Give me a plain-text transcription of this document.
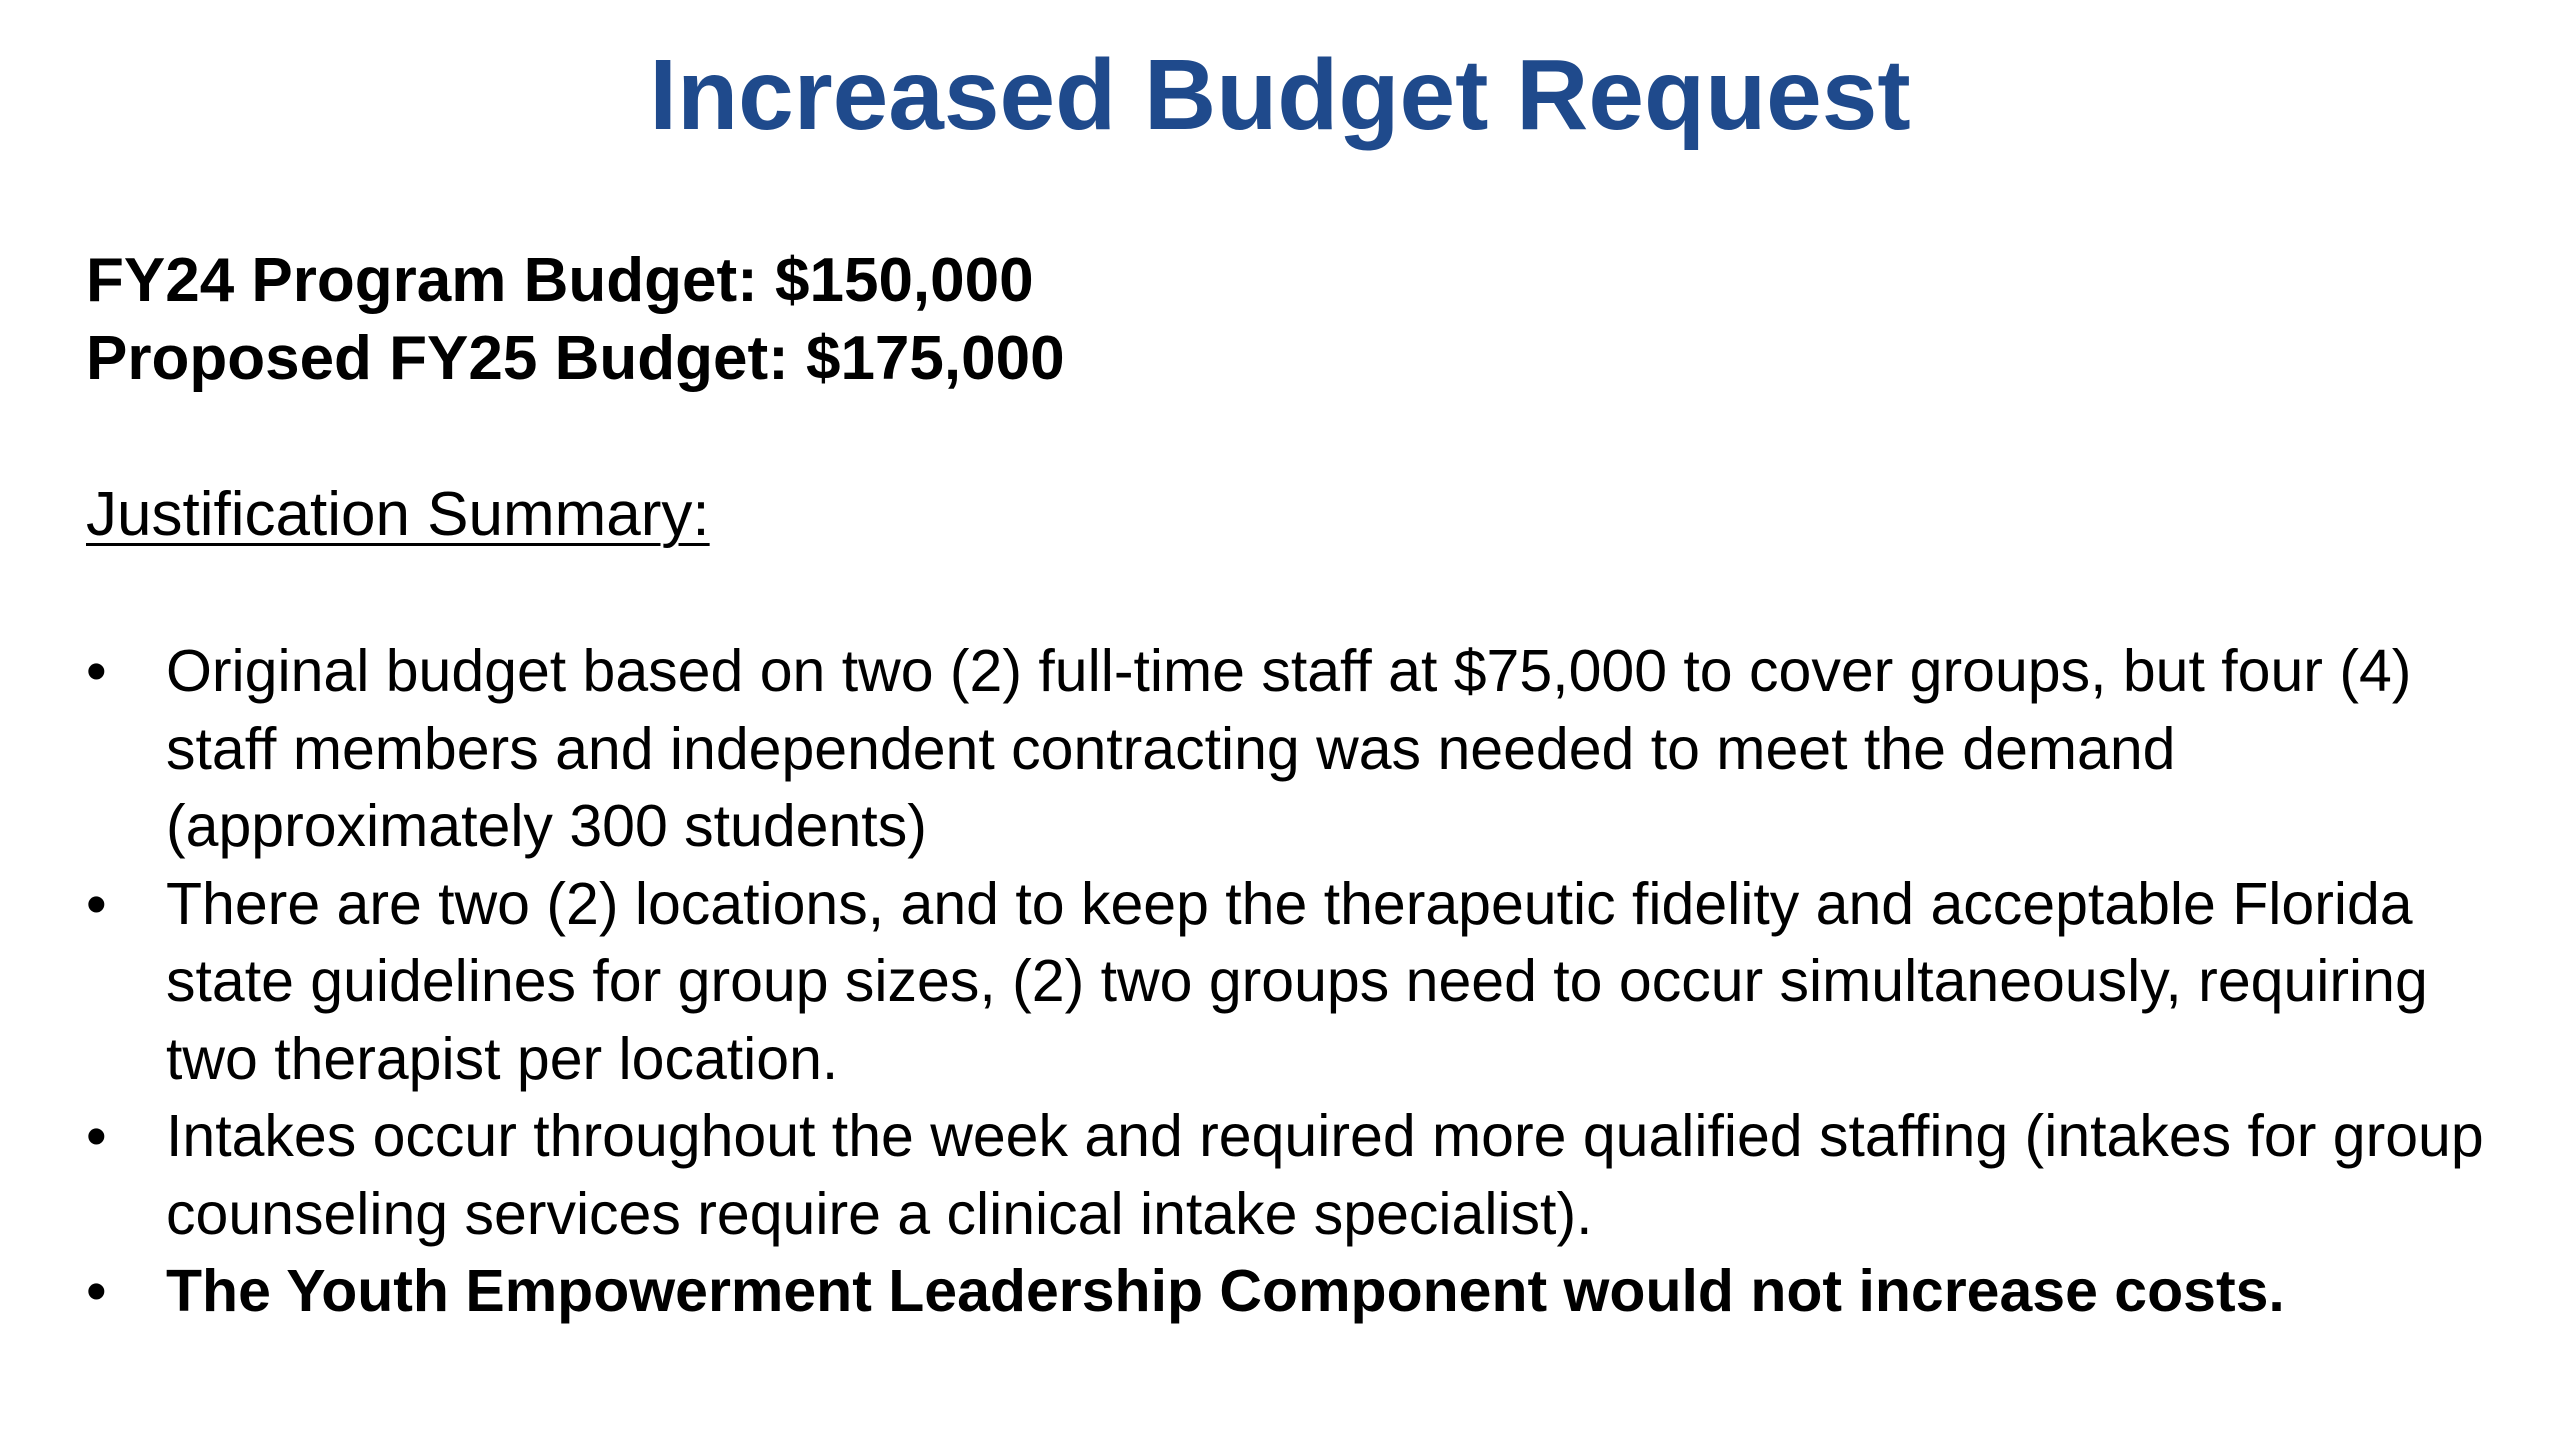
Increased Budget Request
FY24 Program Budget: $150,000
Proposed FY25 Budget: $175,000
Justification Summary:
• Original budget based on two (2) full-time staff at $75,000 to cover groups, but four (4) staff members and independent contracting was needed to meet the demand (approximately 300 students)
• There are two (2) locations, and to keep the therapeutic fidelity and acceptable Florida state guidelines for group sizes, (2) two groups need to occur simultaneously, requiring two therapist per location.
• Intakes occur throughout the week and required more qualified staffing (intakes for group counseling services require a clinical intake specialist).
• The Youth Empowerment Leadership Component would not increase costs.
